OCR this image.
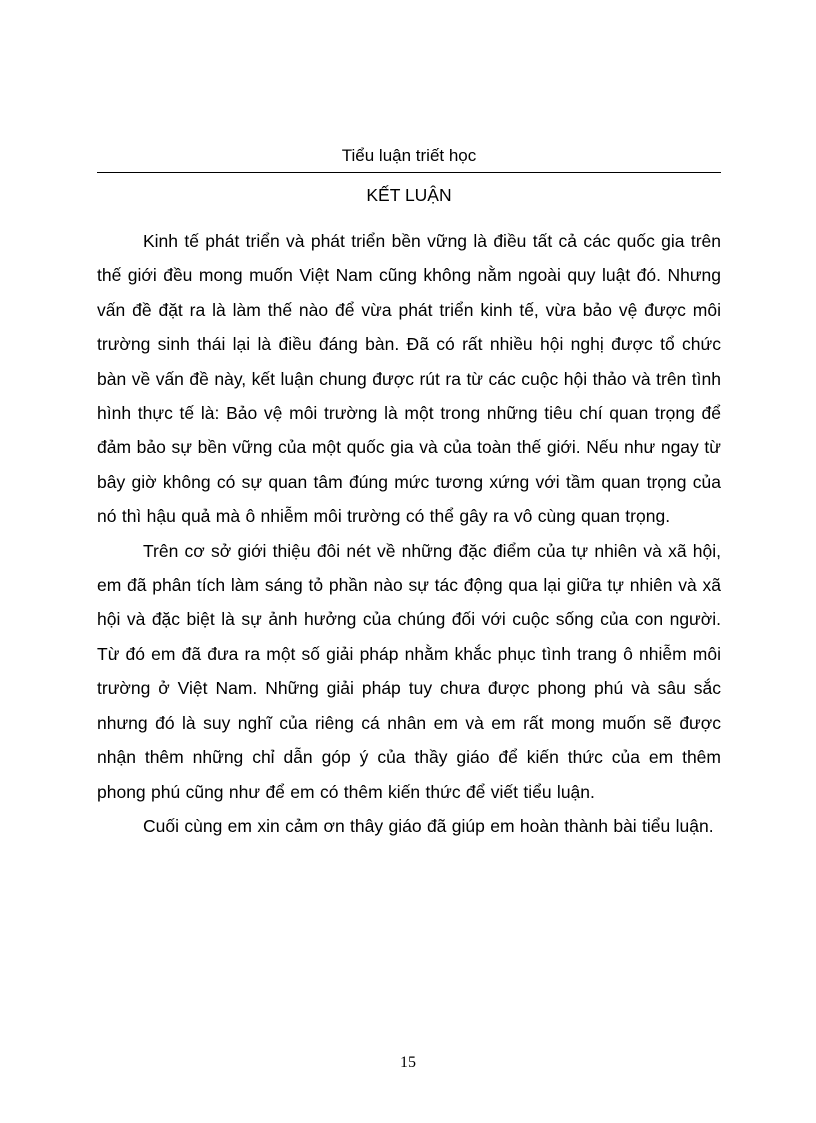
Tiểu luận triết học
KẾT LUẬN

Kinh tế phát triển và phát triển bền vững là điều tất cả các quốc gia trên thế giới đều mong muốn Việt Nam cũng không nằm ngoài quy luật đó. Nhưng vấn đề đặt ra là làm thế nào để vừa phát triển kinh tế, vừa bảo vệ được môi trường sinh thái lại là điều đáng bàn. Đã có rất nhiều hội nghị được tổ chức bàn về vấn đề này, kết luận chung được rút ra từ các cuộc hội thảo và trên tình hình thực tế là: Bảo vệ môi trường là một trong những tiêu chí quan trọng để đảm bảo sự bền vững của một quốc gia và của toàn thế giới. Nếu như ngay từ bây giờ không có sự quan tâm đúng mức tương xứng với tầm quan trọng của nó thì hậu quả mà ô nhiễm môi trường có thể gây ra vô cùng quan trọng.

Trên cơ sở giới thiệu đôi nét về những đặc điểm của tự nhiên và xã hội, em đã phân tích làm sáng tỏ phần nào sự tác động qua lại giữa tự nhiên và xã hội và đặc biệt là sự ảnh hưởng của chúng đối với cuộc sống của con người. Từ đó em đã đưa ra một số giải pháp nhằm khắc phục tình trang ô nhiễm môi trường ở Việt Nam. Những giải pháp tuy chưa được phong phú và sâu sắc nhưng đó là suy nghĩ của riêng cá nhân em và em rất mong muốn sẽ được nhận thêm những chỉ dẫn góp ý của thầy giáo để kiến thức của em thêm phong phú cũng như để em có thêm kiến thức để viết tiểu luận.

Cuối cùng em xin cảm ơn thây giáo đã giúp em hoàn thành bài tiểu luận.

15
